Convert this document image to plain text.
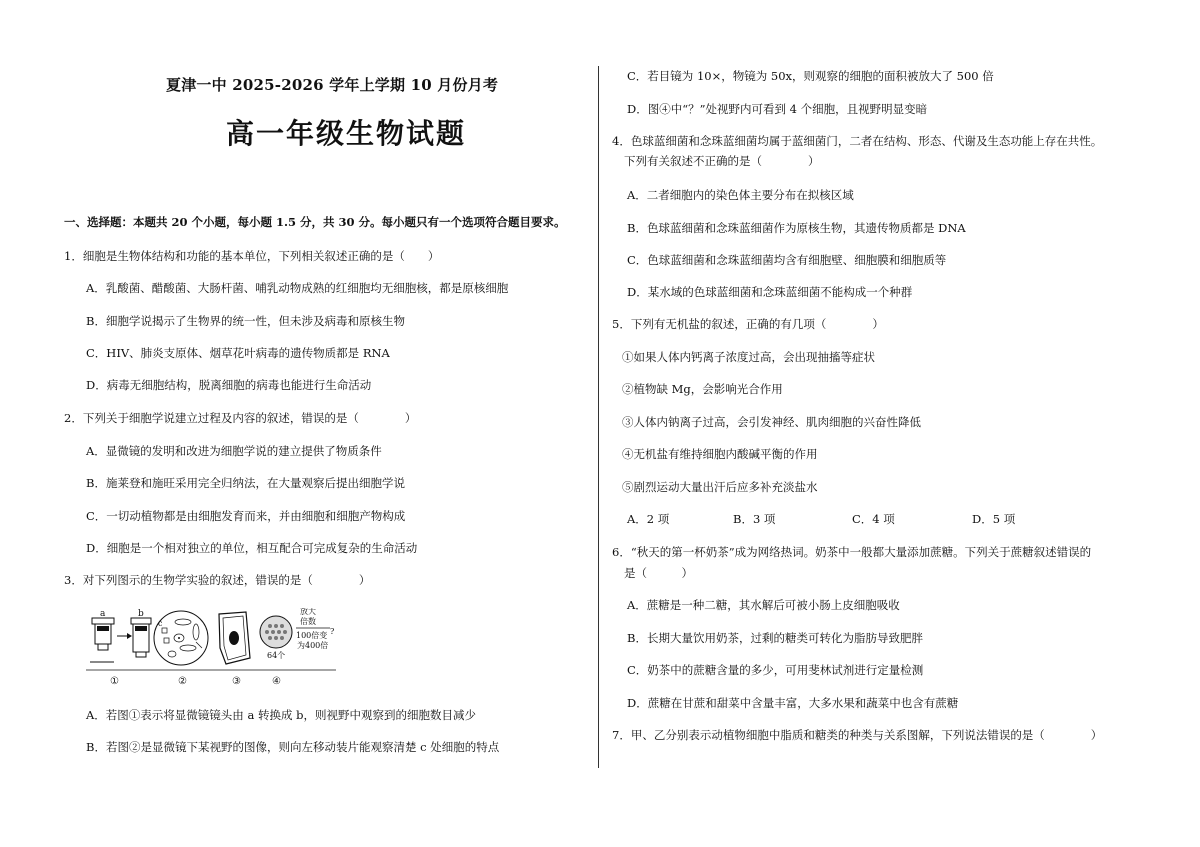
夏津一中 2025-2026 学年上学期 10 月份月考
高一年级生物试题
一、选择题：本题共 20 个小题，每小题 1.5 分，共 30 分。每小题只有一个选项符合题目要求。
1．细胞是生物体结构和功能的基本单位，下列相关叙述正确的是（　　）
A．乳酸菌、醋酸菌、大肠杆菌、哺乳动物成熟的红细胞均无细胞核，都是原核细胞
B．细胞学说揭示了生物界的统一性，但未涉及病毒和原核生物
C．HIV、肺炎支原体、烟草花叶病毒的遗传物质都是 RNA
D．病毒无细胞结构，脱离细胞的病毒也能进行生命活动
2．下列关于细胞学说建立过程及内容的叙述，错误的是（　　　　）
A．显微镜的发明和改进为细胞学说的建立提供了物质条件
B．施莱登和施旺采用完全归纳法，在大量观察后提出细胞学说
C．一切动植物都是由细胞发育而来，并由细胞和细胞产物构成
D．细胞是一个相对独立的单位，相互配合可完成复杂的生命活动
3．对下列图示的生物学实验的叙述，错误的是（　　　　）
a	b
c
64个
放大
倍数
100倍变
为400倍
?
①	②	③	④
A．若图①表示将显微镜镜头由 a 转换成 b，则视野中观察到的细胞数目减少
B．若图②是显微镜下某视野的图像，则向左移动装片能观察清楚 c 处细胞的特点
C．若目镜为 10×，物镜为 50x，则观察的细胞的面积被放大了 500 倍
D．图④中“？”处视野内可看到 4 个细胞，且视野明显变暗
4．色球蓝细菌和念珠蓝细菌均属于蓝细菌门，二者在结构、形态、代谢及生态功能上存在共性。
下列有关叙述不正确的是（　　　　）
A．二者细胞内的染色体主要分布在拟核区域
B．色球蓝细菌和念珠蓝细菌作为原核生物，其遗传物质都是 DNA
C．色球蓝细菌和念珠蓝细菌均含有细胞壁、细胞膜和细胞质等
D．某水域的色球蓝细菌和念珠蓝细菌不能构成一个种群
5．下列有无机盐的叙述，正确的有几项（　　　　）
①如果人体内钙离子浓度过高，会出现抽搐等症状
②植物缺 Mg，会影响光合作用
③人体内钠离子过高，会引发神经、肌肉细胞的兴奋性降低
④无机盐有维持细胞内酸碱平衡的作用
⑤剧烈运动大量出汗后应多补充淡盐水
A．2 项	B．3 项	C．4 项	D．5 项
6．“秋天的第一杯奶茶”成为网络热词。奶茶中一般都大量添加蔗糖。下列关于蔗糖叙述错误的
是（　　　）
A．蔗糖是一种二糖，其水解后可被小肠上皮细胞吸收
B．长期大量饮用奶茶，过剩的糖类可转化为脂肪导致肥胖
C．奶茶中的蔗糖含量的多少，可用斐林试剂进行定量检测
D．蔗糖在甘蔗和甜菜中含量丰富，大多水果和蔬菜中也含有蔗糖
7．甲、乙分别表示动植物细胞中脂质和糖类的种类与关系图解，下列说法错误的是（　　　　）
